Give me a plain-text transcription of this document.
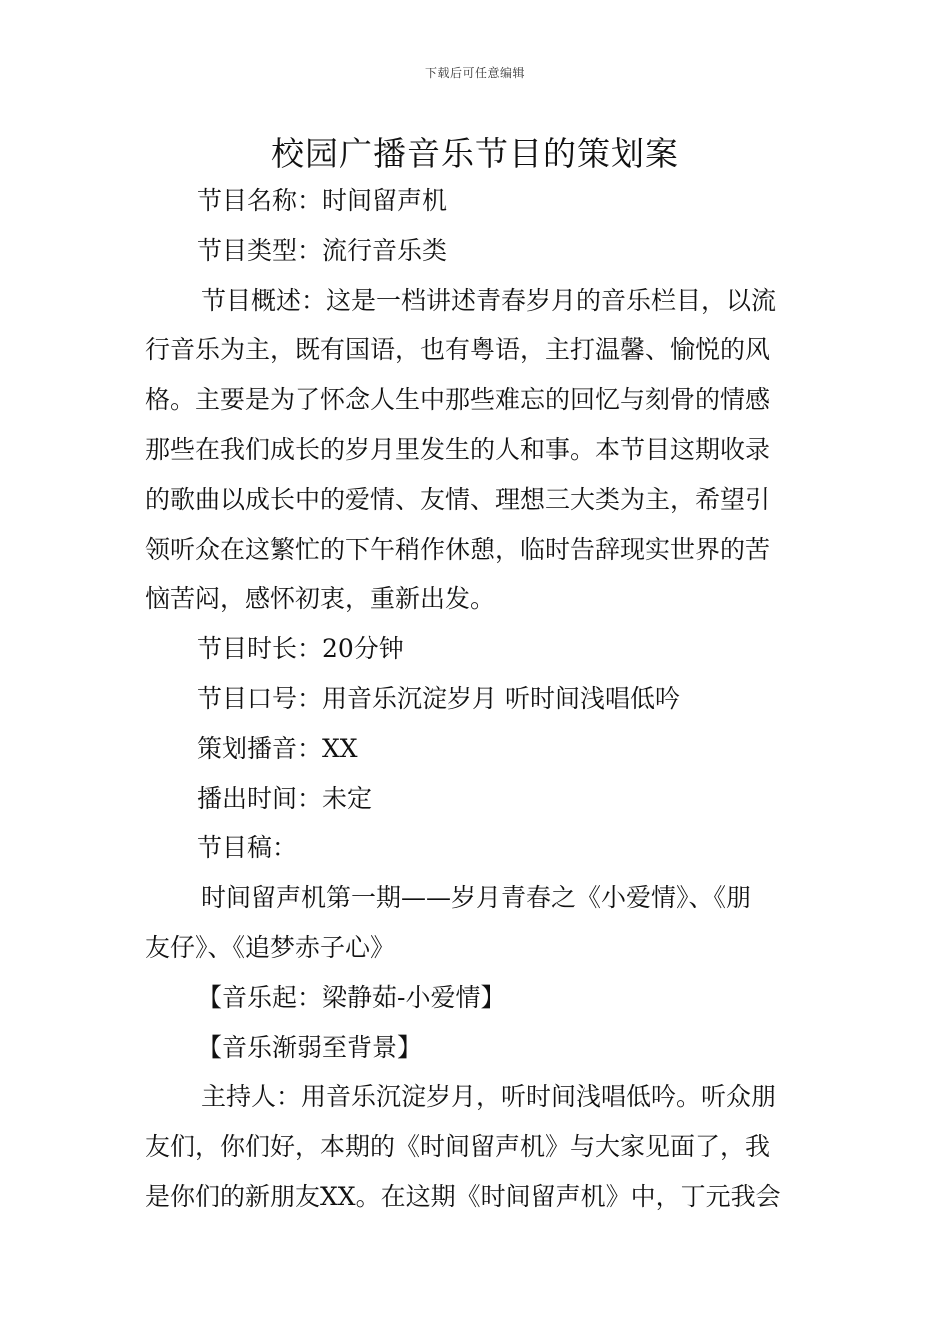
下载后可任意编辑
校园广播音乐节目的策划案
节目名称：时间留声机
节目类型：流行音乐类
节目概述：这是一档讲述青春岁月的音乐栏目，以流
行音乐为主，既有国语，也有粤语，主打温馨、愉悦的风
格。主要是为了怀念人生中那些难忘的回忆与刻骨的情感
那些在我们成长的岁月里发生的人和事。本节目这期收录
的歌曲以成长中的爱情、友情、理想三大类为主，希望引
领听众在这繁忙的下午稍作休憩，临时告辞现实世界的苦
恼苦闷，感怀初衷，重新出发。
节目时长：20分钟
节目口号：用音乐沉淀岁月 听时间浅唱低吟
策划播音：XX
播出时间：未定
节目稿：
时间留声机第一期——岁月青春之《小爱情》、《朋
友仔》、《追梦赤子心》
【音乐起：梁静茹-小爱情】
【音乐渐弱至背景】
主持人：用音乐沉淀岁月，听时间浅唱低吟。听众朋
友们，你们好，本期的《时间留声机》与大家见面了，我
是你们的新朋友XX。在这期《时间留声机》中，丁元我会
